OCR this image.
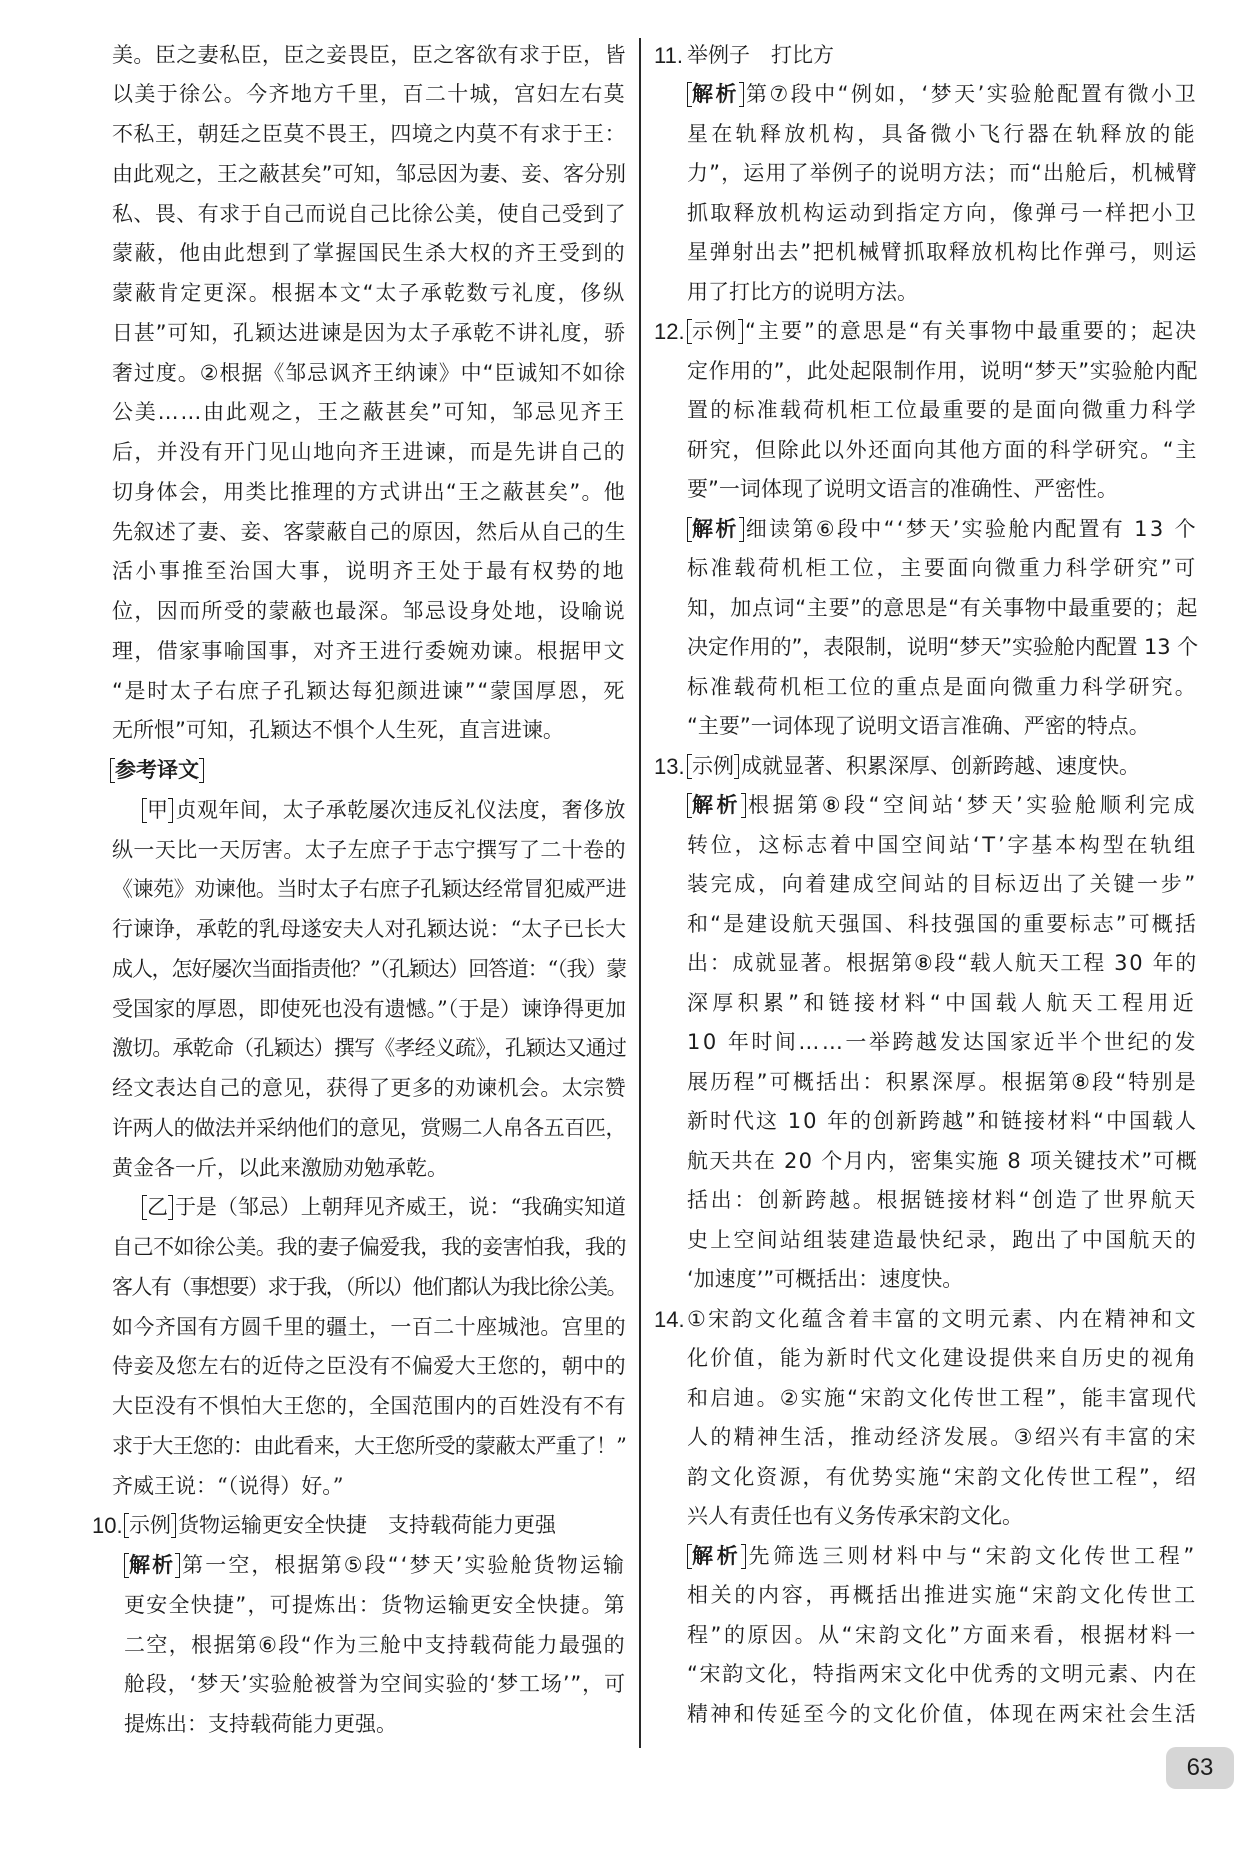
美。臣之妻私臣，臣之妾畏臣，臣之客欲有求于臣，皆
以美于徐公。今齐地方千里，百二十城，宫妇左右莫
不私王，朝廷之臣莫不畏王，四境之内莫不有求于王：
由此观之，王之蔽甚矣”可知，邹忌因为妻、妾、客分别
私、畏、有求于自己而说自己比徐公美，使自己受到了
蒙蔽，他由此想到了掌握国民生杀大权的齐王受到的
蒙蔽肯定更深。根据本文“太子承乾数亏礼度，侈纵
日甚”可知，孔颖达进谏是因为太子承乾不讲礼度，骄
奢过度。②根据《邹忌讽齐王纳谏》中“臣诚知不如徐
公美……由此观之，王之蔽甚矣”可知，邹忌见齐王
后，并没有开门见山地向齐王进谏，而是先讲自己的
切身体会，用类比推理的方式讲出“王之蔽甚矣”。他
先叙述了妻、妾、客蒙蔽自己的原因，然后从自己的生
活小事推至治国大事，说明齐王处于最有权势的地
位，因而所受的蒙蔽也最深。邹忌设身处地，设喻说
理，借家事喻国事，对齐王进行委婉劝谏。根据甲文
“是时太子右庶子孔颖达每犯颜进谏”“蒙国厚恩，死
无所恨”可知，孔颖达不惧个人生死，直言进谏。
参考译文
甲 贞观年间，太子承乾屡次违反礼仪法度，奢侈放
纵一天比一天厉害。太子左庶子于志宁撰写了二十卷的
《谏苑》劝谏他。当时太子右庶子孔颖达经常冒犯威严进
行谏诤，承乾的乳母遂安夫人对孔颖达说：“太子已长大
成人，怎好屡次当面指责他？”（孔颖达）回答道：“（我）蒙
受国家的厚恩，即使死也没有遗憾。”（于是）谏诤得更加
激切。承乾命（孔颖达）撰写《孝经义疏》，孔颖达又通过
经文表达自己的意见，获得了更多的劝谏机会。太宗赞
许两人的做法并采纳他们的意见，赏赐二人帛各五百匹，
黄金各一斤，以此来激励劝勉承乾。
乙 于是（邹忌）上朝拜见齐威王，说：“我确实知道
自己不如徐公美。我的妻子偏爱我，我的妾害怕我，我的
客人有（事想要）求于我，（所以）他们都认为我比徐公美。
如今齐国有方圆千里的疆土，一百二十座城池。宫里的
侍妾及您左右的近侍之臣没有不偏爱大王您的，朝中的
大臣没有不惧怕大王您的，全国范围内的百姓没有不有
求于大王您的：由此看来，大王您所受的蒙蔽太严重了！”
齐威王说：“（说得）好。”
10. 示例 货物运输更安全快捷　支持载荷能力更强
解析 第一空，根据第⑤段“‘梦天’实验舱货物运输
更安全快捷”，可提炼出：货物运输更安全快捷。第
二空，根据第⑥段“作为三舱中支持载荷能力最强的
舱段，‘梦天’实验舱被誉为空间实验的‘梦工场’”，可
提炼出：支持载荷能力更强。
11. 举例子　打比方
解析 第⑦段中“例如，‘梦天’实验舱配置有微小卫
星在轨释放机构，具备微小飞行器在轨释放的能
力”，运用了举例子的说明方法；而“出舱后，机械臂
抓取释放机构运动到指定方向，像弹弓一样把小卫
星弹射出去”把机械臂抓取释放机构比作弹弓，则运
用了打比方的说明方法。
12. 示例 “主要”的意思是“有关事物中最重要的；起决
定作用的”，此处起限制作用，说明“梦天”实验舱内配
置的标准载荷机柜工位最重要的是面向微重力科学
研究，但除此以外还面向其他方面的科学研究。“主
要”一词体现了说明文语言的准确性、严密性。
解析 细读第⑥段中“‘梦天’实验舱内配置有 13 个
标准载荷机柜工位，主要面向微重力科学研究”可
知，加点词“主要”的意思是“有关事物中最重要的；起
决定作用的”，表限制，说明“梦天”实验舱内配置 13 个
标准载荷机柜工位的重点是面向微重力科学研究。
“主要”一词体现了说明文语言准确、严密的特点。
13. 示例 成就显著、积累深厚、创新跨越、速度快。
解析 根据第⑧段“空间站‘梦天’实验舱顺利完成
转位，这标志着中国空间站‘T’字基本构型在轨组
装完成，向着建成空间站的目标迈出了关键一步”
和“是建设航天强国、科技强国的重要标志”可概括
出：成就显著。根据第⑧段“载人航天工程 30 年的
深厚积累”和链接材料“中国载人航天工程用近
10 年时间……一举跨越发达国家近半个世纪的发
展历程”可概括出：积累深厚。根据第⑧段“特别是
新时代这 10 年的创新跨越”和链接材料“中国载人
航天共在 20 个月内，密集实施 8 项关键技术”可概
括出：创新跨越。根据链接材料“创造了世界航天
史上空间站组装建造最快纪录，跑出了中国航天的
‘加速度’”可概括出：速度快。
14. ①宋韵文化蕴含着丰富的文明元素、内在精神和文
化价值，能为新时代文化建设提供来自历史的视角
和启迪。②实施“宋韵文化传世工程”，能丰富现代
人的精神生活，推动经济发展。③绍兴有丰富的宋
韵文化资源，有优势实施“宋韵文化传世工程”，绍
兴人有责任也有义务传承宋韵文化。
解析 先筛选三则材料中与“宋韵文化传世工程”
相关的内容，再概括出推进实施“宋韵文化传世工
程”的原因。从“宋韵文化”方面来看，根据材料一
“宋韵文化，特指两宋文化中优秀的文明元素、内在
精神和传延至今的文化价值，体现在两宋社会生活
63
